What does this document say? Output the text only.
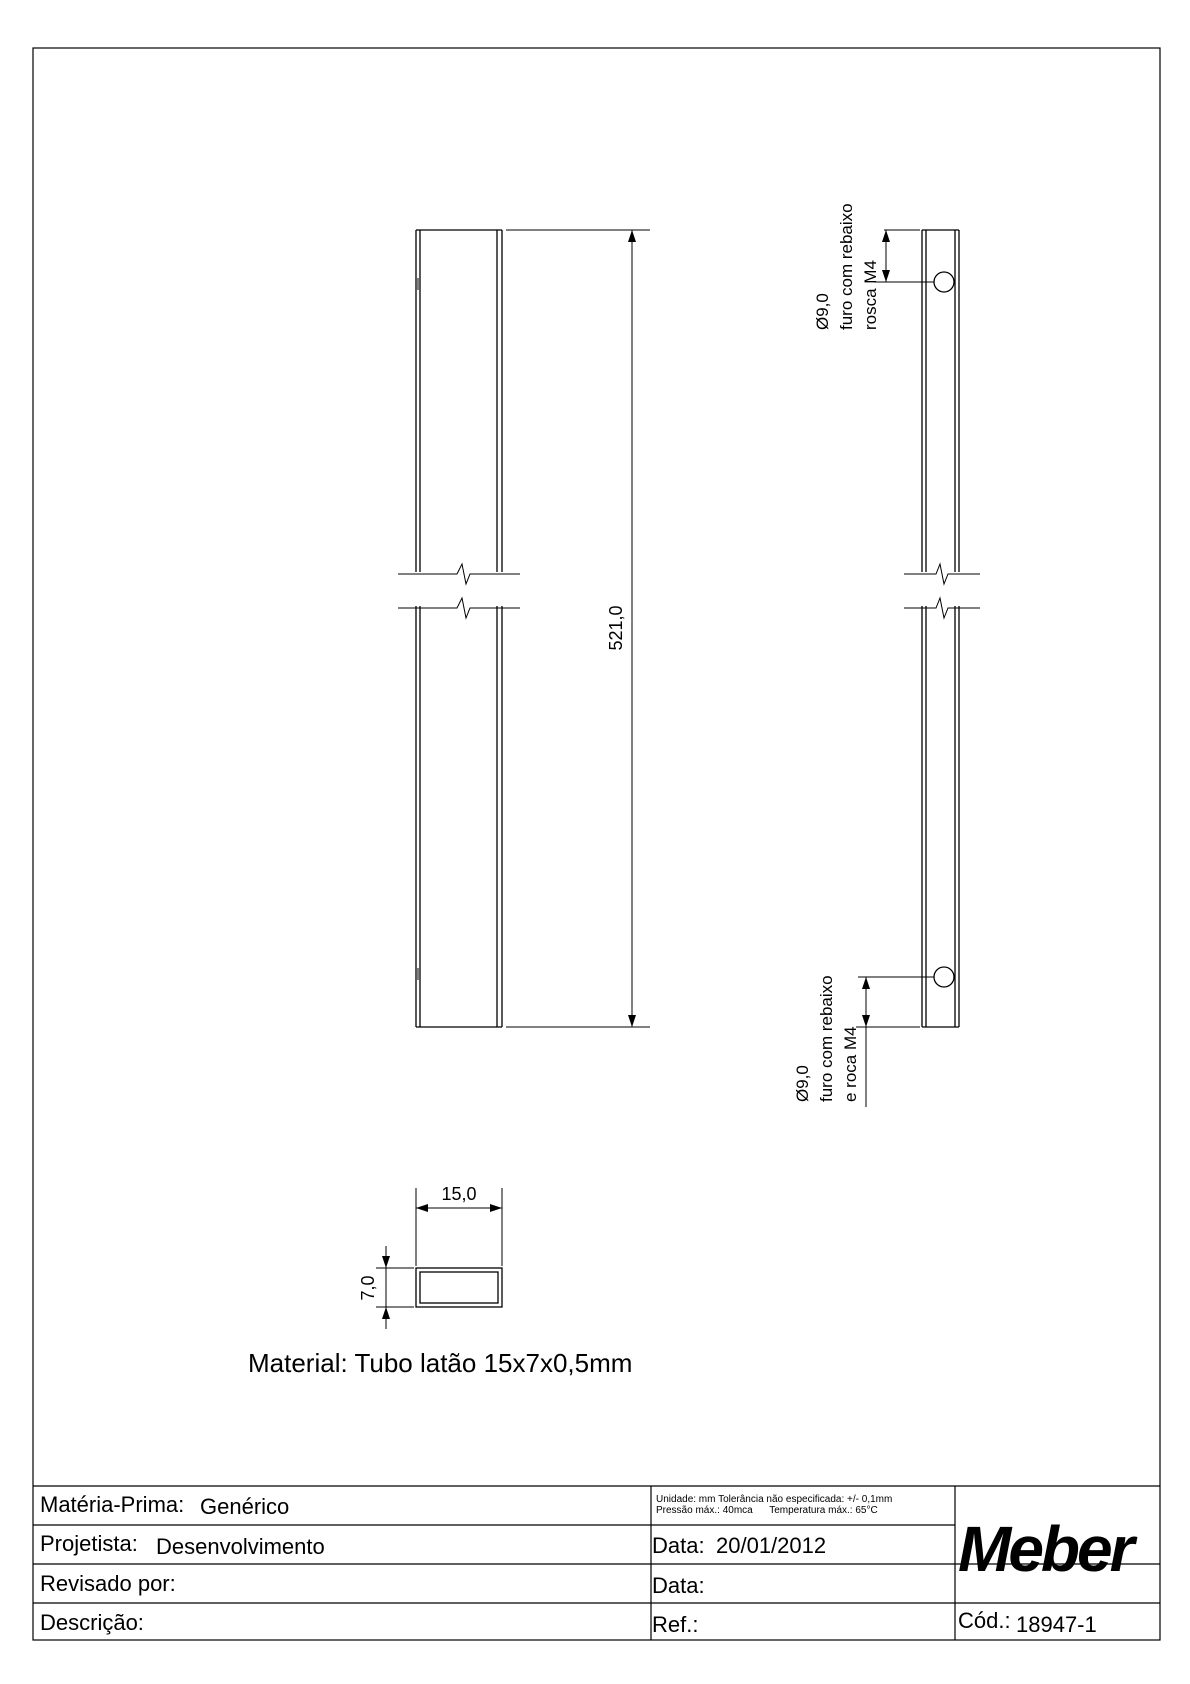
521,0
Ø9,0 furo com rebaixo rosca M4
Ø9,0 furo com rebaixo e roca M4
15,0
7,0
Material: Tubo latão 15x7x0,5mm
Matéria-Prima: Genérico	Unidade: mm Tolerância não especificada: +/- 0,1mm
Pressão máx.: 40mca      Temperatura máx.: 65°C
Projetista: Desenvolvimento	Data: 20/01/2012
Revisado por:	Data:
Descrição:	Ref.:
Meber
Cód.: 18947-1
